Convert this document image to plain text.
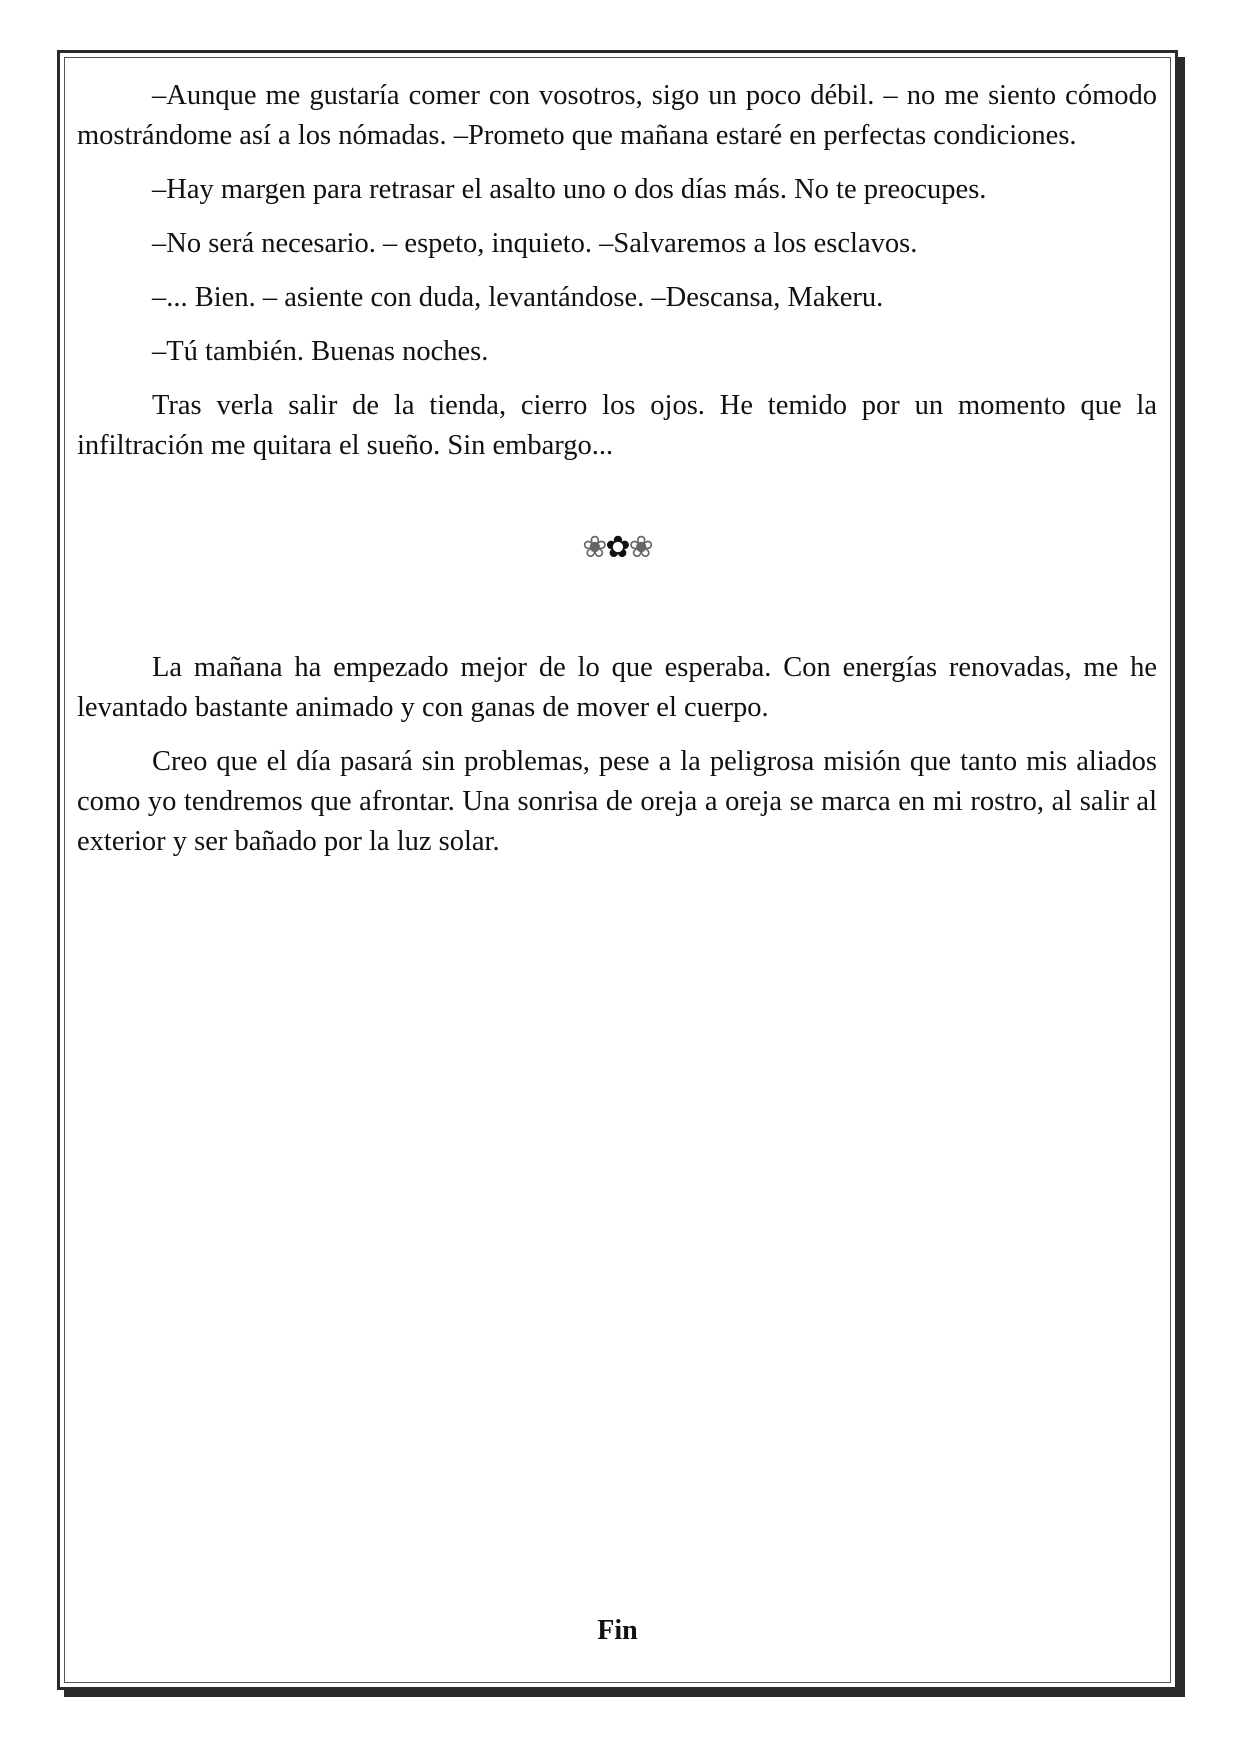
–Aunque me gustaría comer con vosotros, sigo un poco débil. – no me siento cómodo mostrándome así a los nómadas. –Prometo que mañana estaré en perfectas condiciones.

–Hay margen para retrasar el asalto uno o dos días más. No te preocupes.

–No será necesario. – espeto, inquieto. –Salvaremos a los esclavos.

–... Bien. – asiente con duda, levantándose. –Descansa, Makeru.

–Tú también. Buenas noches.

Tras verla salir de la tienda, cierro los ojos. He temido por un momento que la infiltración me quitara el sueño. Sin embargo...

❀✿❀

La mañana ha empezado mejor de lo que esperaba. Con energías renovadas, me he levantado bastante animado y con ganas de mover el cuerpo.

Creo que el día pasará sin problemas, pese a la peligrosa misión que tanto mis aliados como yo tendremos que afrontar. Una sonrisa de oreja a oreja se marca en mi rostro, al salir al exterior y ser bañado por la luz solar.

Fin
